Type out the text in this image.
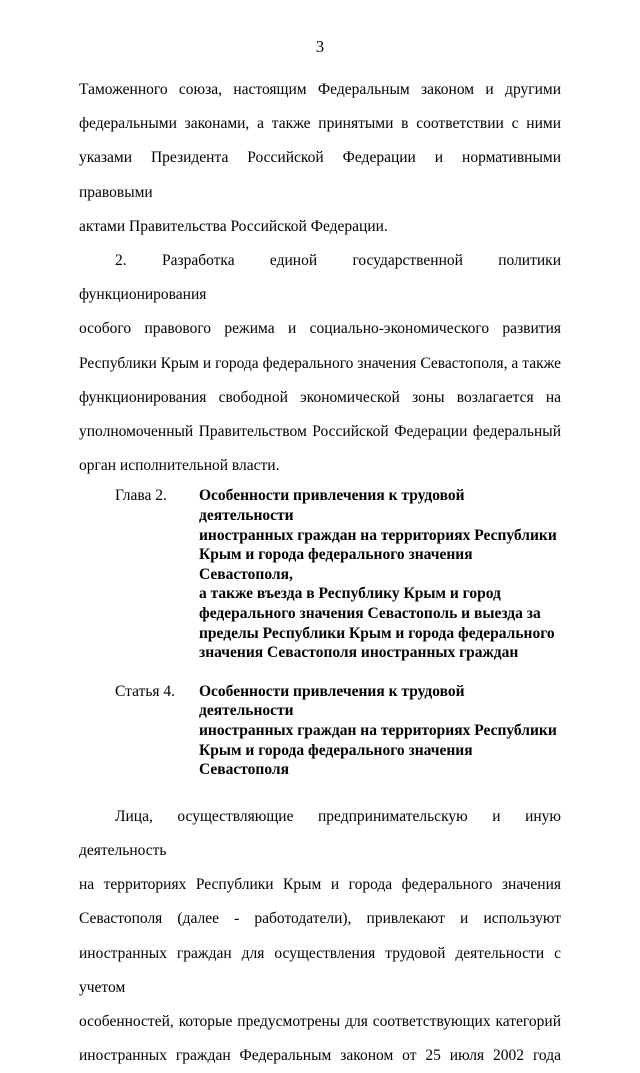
3

Таможенного союза, настоящим Федеральным законом и другими

федеральными законами, а также принятыми в соответствии с ними

указами Президента Российской Федерации и нормативными правовыми

актами Правительства Российской Федерации.

2. Разработка единой государственной политики функционирования

особого правового режима и социально-экономического развития

Республики Крым и города федерального значения Севастополя, а также

функционирования свободной экономической зоны возлагается на

уполномоченный Правительством Российской Федерации федеральный

орган исполнительной власти.

Глава 2.	Особенности привлечения к трудовой деятельности
иностранных граждан на территориях Республики
Крым и города федерального значения Севастополя,
а также въезда в Республику Крым и город
федерального значения Севастополь и выезда за
пределы Республики Крым и города федерального
значения Севастополя иностранных граждан
Статья 4.	Особенности привлечения к трудовой деятельности
иностранных граждан на территориях Республики
Крым и города федерального значения Севастополя

Лица, осуществляющие предпринимательскую и иную деятельность

на территориях Республики Крым и города федерального значения

Севастополя (далее - работодатели), привлекают и используют

иностранных граждан для осуществления трудовой деятельности с учетом

особенностей, которые предусмотрены для соответствующих категорий

иностранных граждан Федеральным законом от 25 июля 2002 года
